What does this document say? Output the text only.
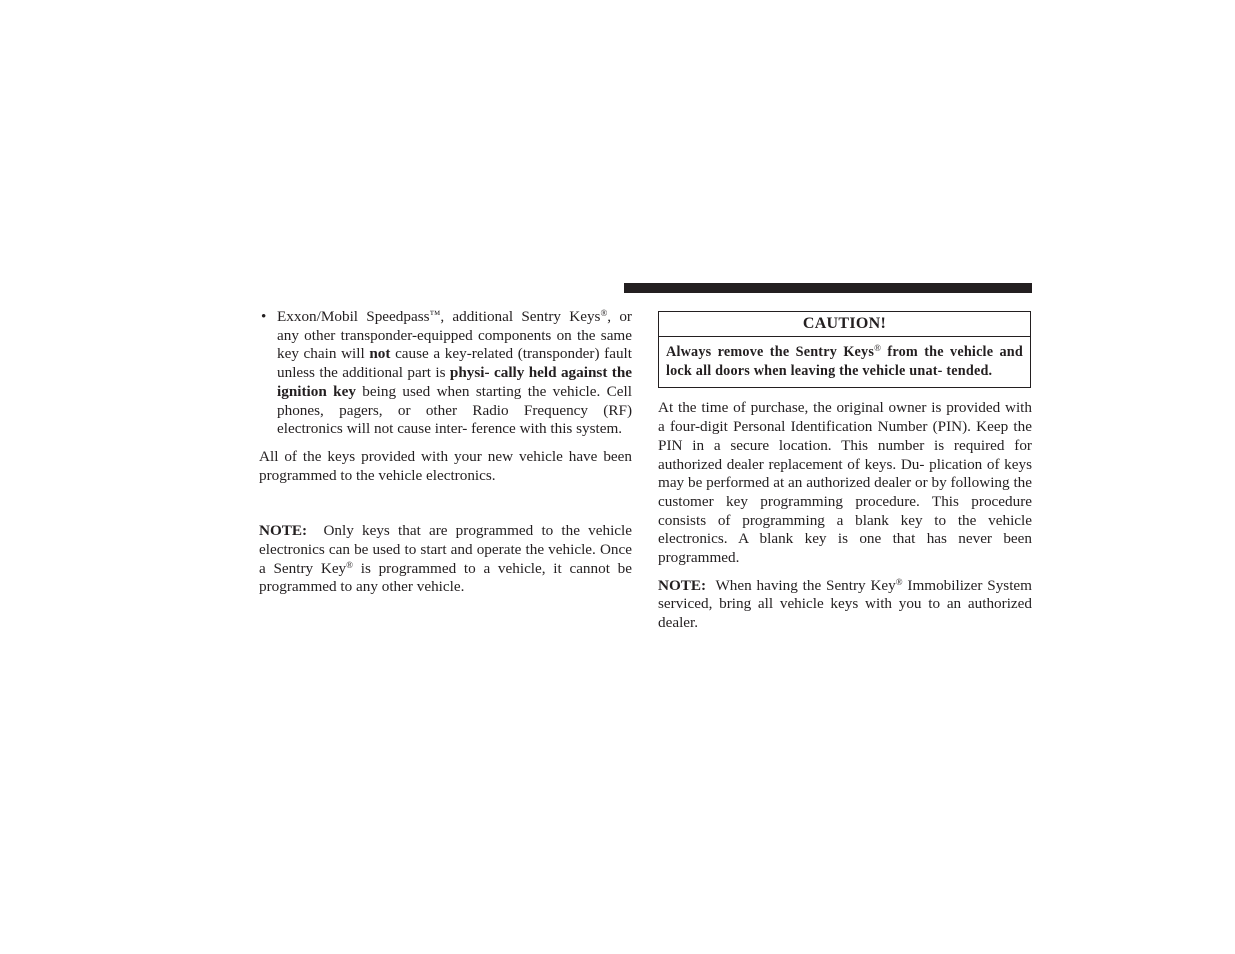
• Exxon/Mobil Speedpass™, additional Sentry Keys®, or any other transponder-equipped components on the same key chain will not cause a key-related (transponder) fault unless the additional part is physi- cally held against the ignition key being used when starting the vehicle. Cell phones, pagers, or other Radio Frequency (RF) electronics will not cause inter- ference with this system.

All of the keys provided with your new vehicle have been programmed to the vehicle electronics.

NOTE: Only keys that are programmed to the vehicle electronics can be used to start and operate the vehicle. Once a Sentry Key® is programmed to a vehicle, it cannot be programmed to any other vehicle.

CAUTION!
Always remove the Sentry Keys® from the vehicle and lock all doors when leaving the vehicle unat- tended.

At the time of purchase, the original owner is provided with a four-digit Personal Identification Number (PIN). Keep the PIN in a secure location. This number is required for authorized dealer replacement of keys. Du- plication of keys may be performed at an authorized dealer or by following the customer key programming procedure. This procedure consists of programming a blank key to the vehicle electronics. A blank key is one that has never been programmed.

NOTE: When having the Sentry Key® Immobilizer System serviced, bring all vehicle keys with you to an authorized dealer.
